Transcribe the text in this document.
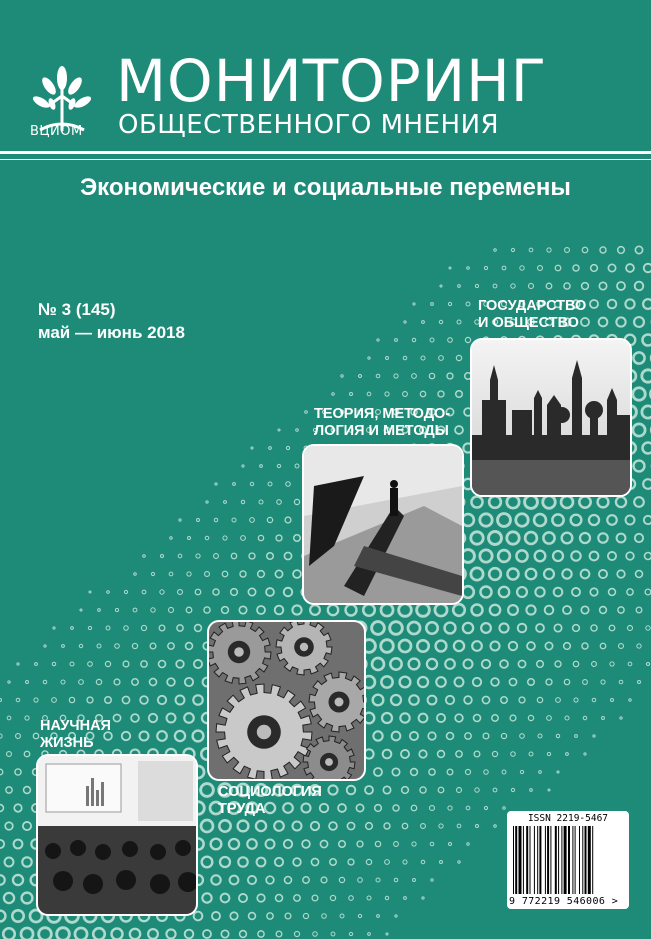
ВЦИОМ
МОНИТОРИНГ
ОБЩЕСТВЕННОГО МНЕНИЯ
Экономические и социальные перемены
№ 3 (145)
май — июнь 2018
ГОСУДАРСТВО
И ОБЩЕСТВО
ТЕОРИЯ, МЕТОДО-
ЛОГИЯ И МЕТОДЫ
СОЦИОЛОГИЯ
ТРУДА
НАУЧНАЯ
ЖИЗНЬ
ISSN 2219-5467
9 772219 546006 >
